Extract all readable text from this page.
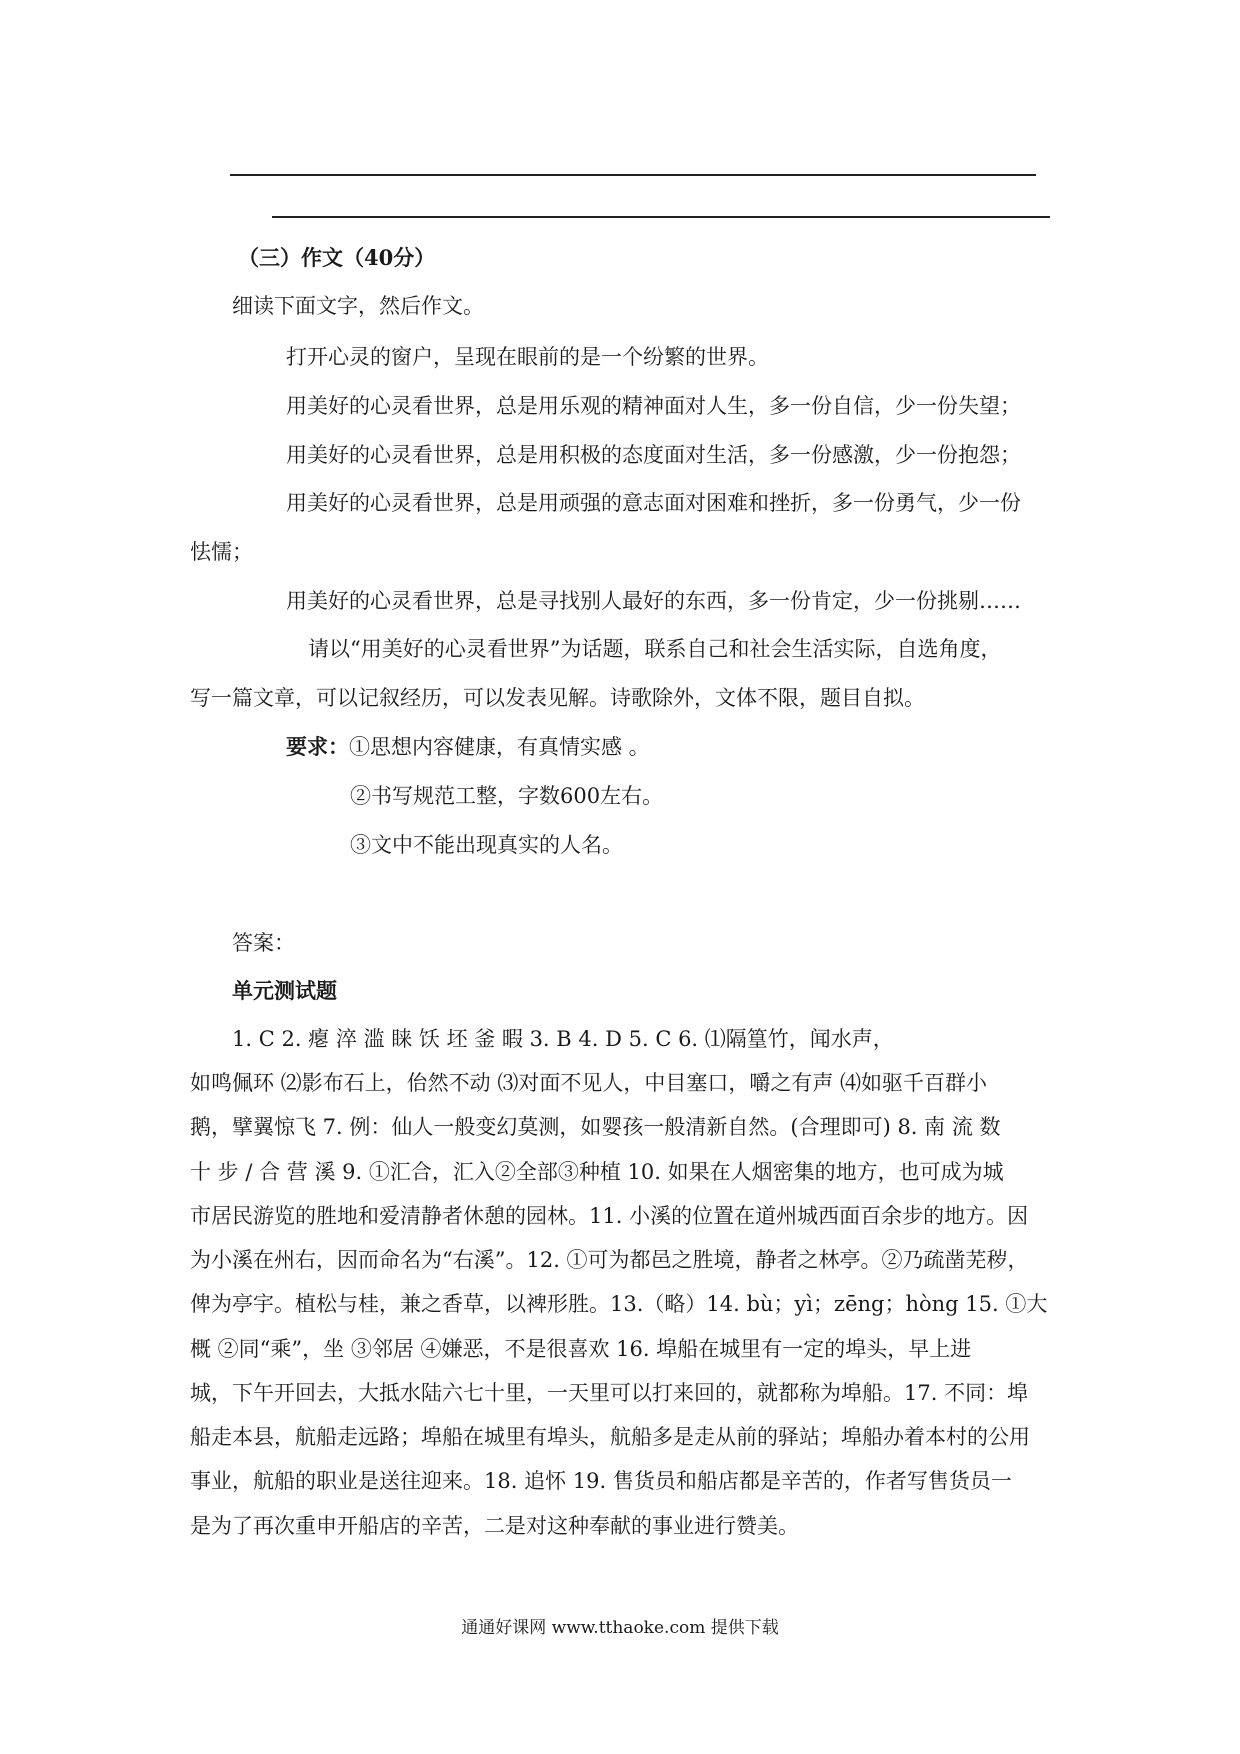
（三）作文（40分）
细读下面文字，然后作文。
打开心灵的窗户，呈现在眼前的是一个纷繁的世界。
用美好的心灵看世界，总是用乐观的精神面对人生，多一份自信，少一份失望；
用美好的心灵看世界，总是用积极的态度面对生活，多一份感激，少一份抱怨；
用美好的心灵看世界，总是用顽强的意志面对困难和挫折，多一份勇气，少一份
怯懦；
用美好的心灵看世界，总是寻找别人最好的东西，多一份肯定，少一份挑剔……
请以“用美好的心灵看世界”为话题，联系自己和社会生活实际，自选角度，
写一篇文章，可以记叙经历，可以发表见解。诗歌除外，文体不限，题目自拟。
要求：①思想内容健康，有真情实感 。
②书写规范工整，字数600左右。
③文中不能出现真实的人名。
答案：
单元测试题
1. C 2. 瘪 淬 滥 睐 饫 坯 釜 暇 3. B 4. D 5. C 6. ⑴隔篁竹，闻水声，
如鸣佩环 ⑵影布石上，佁然不动 ⑶对面不见人，中目塞口，嚼之有声 ⑷如驱千百群小
鹅，擘翼惊飞 7. 例：仙人一般变幻莫测，如婴孩一般清新自然。(合理即可) 8. 南 流 数
十 步 / 合 营 溪 9. ①汇合，汇入②全部③种植 10. 如果在人烟密集的地方，也可成为城
市居民游览的胜地和爱清静者休憩的园林。11. 小溪的位置在道州城西面百余步的地方。因
为小溪在州右，因而命名为“右溪”。12. ①可为都邑之胜境，静者之林亭。②乃疏凿芜秽，
俾为亭宇。植松与桂，兼之香草，以裨形胜。13.（略）14. bù；yì；zēng；hòng 15. ①大
概 ②同“乘”，坐 ③邻居 ④嫌恶，不是很喜欢 16. 埠船在城里有一定的埠头，早上进
城，下午开回去，大抵水陆六七十里，一天里可以打来回的，就都称为埠船。17. 不同：埠
船走本县，航船走远路；埠船在城里有埠头，航船多是走从前的驿站；埠船办着本村的公用
事业，航船的职业是送往迎来。18. 追怀 19. 售货员和船店都是辛苦的，作者写售货员一
是为了再次重申开船店的辛苦，二是对这种奉献的事业进行赞美。
通通好课网 www.tthaoke.com 提供下载
